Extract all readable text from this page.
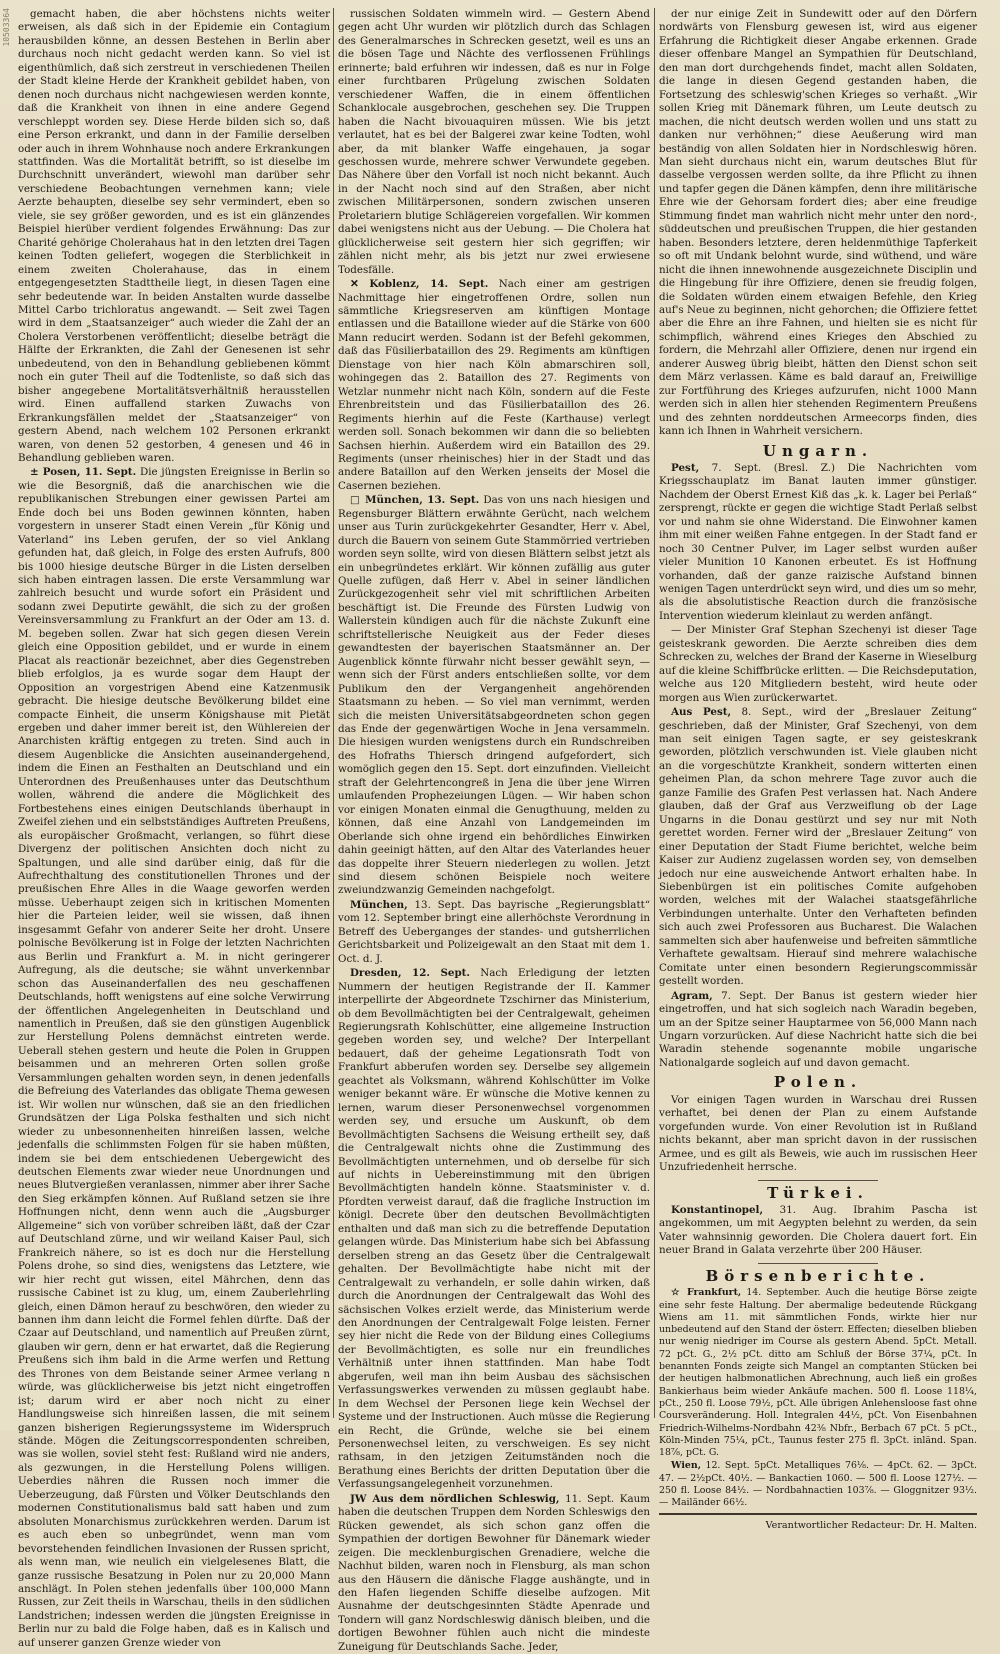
10503364	gemacht haben, die aber höchstens nichts weiter erweisen, als daß sich in der Epidemie ein Contagium herausbilden könne, an dessen Bestehen in Berlin aber durchaus noch nicht gedacht werden kann. So viel ist eigenthümlich, daß sich zerstreut in verschiedenen Theilen der Stadt kleine Herde der Krankheit gebildet haben, von denen noch durchaus nicht nachgewiesen werden konnte, daß die Krankheit von ihnen in eine andere Gegend verschleppt worden sey. Diese Herde bilden sich so, daß eine Person erkrankt, und dann in der Familie derselben oder auch in ihrem Wohnhause noch andere Erkrankungen stattfinden. Was die Mortalität betrifft, so ist dieselbe im Durchschnitt unverändert, wiewohl man darüber sehr verschiedene Beobachtungen vernehmen kann; viele Aerzte behaupten, dieselbe sey sehr vermindert, eben so viele, sie sey größer geworden, und es ist ein glänzendes Beispiel hierüber verdient folgendes Erwähnung: Das zur Charité gehörige Cholerahaus hat in den letzten drei Tagen keinen Todten geliefert, wogegen die Sterblichkeit in einem zweiten Cholerahause, das in einem entgegengesetzten Stadttheile liegt, in diesen Tagen eine sehr bedeutende war. In beiden Anstalten wurde dasselbe Mittel Carbo trichloratus angewandt. — Seit zwei Tagen wird in dem „Staatsanzeiger“ auch wieder die Zahl der an Cholera Verstorbenen veröffentlicht; dieselbe beträgt die Hälfte der Erkrankten, die Zahl der Genesenen ist sehr unbedeutend, von den in Behandlung gebliebenen kömmt noch ein guter Theil auf die Todtenliste, so daß sich das bisher angegebene Mortalitätsverhältniß herausstellen wird. Einen auffallend starken Zuwachs von Erkrankungsfällen meldet der „Staatsanzeiger“ von gestern Abend, nach welchem 102 Personen erkrankt waren, von denen 52 gestorben, 4 genesen und 46 in Behandlung geblieben waren.

± Posen, 11. Sept. Die jüngsten Ereignisse in Berlin so wie die Besorgniß, daß die anarchischen wie die republikanischen Strebungen einer gewissen Partei am Ende doch bei uns Boden gewinnen könnten, haben vorgestern in unserer Stadt einen Verein „für König und Vaterland“ ins Leben gerufen, der so viel Anklang gefunden hat, daß gleich, in Folge des ersten Aufrufs, 800 bis 1000 hiesige deutsche Bürger in die Listen derselben sich haben eintragen lassen. Die erste Versammlung war zahlreich besucht und wurde sofort ein Präsident und sodann zwei Deputirte gewählt, die sich zu der großen Vereinsversammlung zu Frankfurt an der Oder am 13. d. M. begeben sollen. Zwar hat sich gegen diesen Verein gleich eine Opposition gebildet, und er wurde in einem Placat als reactionär bezeichnet, aber dies Gegenstreben blieb erfolglos, ja es wurde sogar dem Haupt der Opposition an vorgestrigen Abend eine Katzenmusik gebracht. Die hiesige deutsche Bevölkerung bildet eine compacte Einheit, die unserm Königshause mit Pietät ergeben und daher immer bereit ist, den Wühlereien der Anarchisten kräftig entgegen zu treten. Sind auch in diesem Augenblicke die Ansichten auseinandergehend, indem die Einen an Festhalten an Deutschland und ein Unterordnen des Preußenhauses unter das Deutschthum wollen, während die andere die Möglichkeit des Fortbestehens eines einigen Deutschlands überhaupt in Zweifel ziehen und ein selbstständiges Auftreten Preußens, als europäischer Großmacht, verlangen, so führt diese Divergenz der politischen Ansichten doch nicht zu Spaltungen, und alle sind darüber einig, daß für die Aufrechthaltung des constitutionellen Thrones und der preußischen Ehre Alles in die Waage geworfen werden müsse. Ueberhaupt zeigen sich in kritischen Momenten hier die Parteien leider, weil sie wissen, daß ihnen insgesammt Gefahr von anderer Seite her droht. Unsere polnische Bevölkerung ist in Folge der letzten Nachrichten aus Berlin und Frankfurt a. M. in nicht geringerer Aufregung, als die deutsche; sie wähnt unverkennbar schon das Auseinanderfallen des neu geschaffenen Deutschlands, hofft wenigstens auf eine solche Verwirrung der öffentlichen Angelegenheiten in Deutschland und namentlich in Preußen, daß sie den günstigen Augenblick zur Herstellung Polens demnächst eintreten werde. Ueberall stehen gestern und heute die Polen in Gruppen beisammen und an mehreren Orten sollen große Versammlungen gehalten worden seyn, in denen jedenfalls die Befreiung des Vaterlandes das obligate Thema gewesen ist. Wir wollen nur wünschen, daß sie an den friedlichen Grundsätzen der Liga Polska festhalten und sich nicht wieder zu unbesonnenheiten hinreißen lassen, welche jedenfalls die schlimmsten Folgen für sie haben müßten, indem sie bei dem entschiedenen Uebergewicht des deutschen Elements zwar wieder neue Unordnungen und neues Blutvergießen veranlassen, nimmer aber ihrer Sache den Sieg erkämpfen können. Auf Rußland setzen sie ihre Hoffnungen nicht, denn wenn auch die „Augsburger Allgemeine“ sich von vorüber schreiben läßt, daß der Czar auf Deutschland zürne, und wir weiland Kaiser Paul, sich Frankreich nähere, so ist es doch nur die Herstellung Polens drohe, so sind dies, wenigstens das Letztere, wie wir hier recht gut wissen, eitel Mährchen, denn das russische Cabinet ist zu klug, um, einem Zauberlehrling gleich, einen Dämon herauf zu beschwören, den wieder zu bannen ihm dann leicht die Formel fehlen dürfte. Daß der Czaar auf Deutschland, und namentlich auf Preußen zürnt, glauben wir gern, denn er hat erwartet, daß die Regierung Preußens sich ihm bald in die Arme werfen und Rettung des Thrones von dem Beistande seiner Armee verlang n würde, was glücklicherweise bis jetzt nicht eingetroffen ist; darum wird er aber noch nicht zu einer Handlungsweise sich hinreißen lassen, die mit seinem ganzen bisherigen Regierungssysteme im Widerspruch stände. Mögen die Zeitungscorrespondenten schreiben, was sie wollen, soviel steht fest: Rußland wird nie anders, als gezwungen, in die Herstellung Polens willigen. Ueberdies nähren die Russen noch immer die Ueberzeugung, daß Fürsten und Völker Deutschlands den modernen Constitutionalismus bald satt haben und zum absoluten Monarchismus zurückkehren werden. Darum ist es auch eben so unbegründet, wenn man vom bevorstehenden feindlichen Invasionen der Russen spricht, als wenn man, wie neulich ein vielgelesenes Blatt, die ganze russische Besatzung in Polen nur zu 20,000 Mann anschlägt. In Polen stehen jedenfalls über 100,000 Mann Russen, zur Zeit theils in Warschau, theils in den südlichen Landstrichen; indessen werden die jüngsten Ereignisse in Berlin nur zu bald die Folge haben, daß es in Kalisch und auf unserer ganzen Grenze wieder von

russischen Soldaten wimmeln wird. — Gestern Abend gegen acht Uhr wurden wir plötzlich durch das Schlagen des Generalmarsches in Schrecken gesetzt, weil es uns an die bösen Tage und Nächte des verflossenen Frühlings erinnerte; bald erfuhren wir indessen, daß es nur in Folge einer furchtbaren Prügelung zwischen Soldaten verschiedener Waffen, die in einem öffentlichen Schanklocale ausgebrochen, geschehen sey. Die Truppen haben die Nacht bivouaquiren müssen. Wie bis jetzt verlautet, hat es bei der Balgerei zwar keine Todten, wohl aber, da mit blanker Waffe eingehauen, ja sogar geschossen wurde, mehrere schwer Verwundete gegeben. Das Nähere über den Vorfall ist noch nicht bekannt. Auch in der Nacht noch sind auf den Straßen, aber nicht zwischen Militärpersonen, sondern zwischen unseren Proletariern blutige Schlägereien vorgefallen. Wir kommen dabei wenigstens nicht aus der Uebung. — Die Cholera hat glücklicherweise seit gestern hier sich gegriffen; wir zählen nicht mehr, als bis jetzt nur zwei erwiesene Todesfälle.

✕ Koblenz, 14. Sept. Nach einer am gestrigen Nachmittage hier eingetroffenen Ordre, sollen nun sämmtliche Kriegsreserven am künftigen Montage entlassen und die Bataillone wieder auf die Stärke von 600 Mann reducirt werden. Sodann ist der Befehl gekommen, daß das Füsilierbataillon des 29. Regiments am künftigen Dienstage von hier nach Köln abmarschiren soll, wohingegen das 2. Bataillon des 27. Regiments von Wetzlar nunmehr nicht nach Köln, sondern auf die Feste Ehrenbreitstein und das Füsilierbataillon des 26. Regiments hierhin auf die Feste (Karthause) verlegt werden soll. Sonach bekommen wir dann die so beliebten Sachsen hierhin. Außerdem wird ein Bataillon des 29. Regiments (unser rheinisches) hier in der Stadt und das andere Bataillon auf den Werken jenseits der Mosel die Casernen beziehen.

□ München, 13. Sept. Das von uns nach hiesigen und Regensburger Blättern erwähnte Gerücht, nach welchem unser aus Turin zurückgekehrter Gesandter, Herr v. Abel, durch die Bauern von seinem Gute Stammörried vertrieben worden seyn sollte, wird von diesen Blättern selbst jetzt als ein unbegründetes erklärt. Wir können zufällig aus guter Quelle zufügen, daß Herr v. Abel in seiner ländlichen Zurückgezogenheit sehr viel mit schriftlichen Arbeiten beschäftigt ist. Die Freunde des Fürsten Ludwig von Wallerstein kündigen auch für die nächste Zukunft eine schriftstellerische Neuigkeit aus der Feder dieses gewandtesten der bayerischen Staatsmänner an. Der Augenblick könnte fürwahr nicht besser gewählt seyn, — wenn sich der Fürst anders entschließen sollte, vor dem Publikum den der Vergangenheit angehörenden Staatsmann zu heben. — So viel man vernimmt, werden sich die meisten Universitätsabgeordneten schon gegen das Ende der gegenwärtigen Woche in Jena versammeln. Die hiesigen wurden wenigstens durch ein Rundschreiben des Hofraths Thiersch dringend aufgefordert, sich womöglich gegen den 15. Sept. dort einzufinden. Vielleicht straft der Gelehrtencongreß in Jena die über jene Wirren umlaufenden Prophezeiungen Lügen. — Wir haben schon vor einigen Monaten einmal die Genugthuung, melden zu können, daß eine Anzahl von Landgemeinden im Oberlande sich ohne irgend ein behördliches Einwirken dahin geeinigt hätten, auf den Altar des Vaterlandes heuer das doppelte ihrer Steuern niederlegen zu wollen. Jetzt sind diesem schönen Beispiele noch weitere zweiundzwanzig Gemeinden nachgefolgt.

München, 13. Sept. Das bayrische „Regierungsblatt“ vom 12. September bringt eine allerhöchste Verordnung in Betreff des Ueberganges der standes- und gutsherrlichen Gerichtsbarkeit und Polizeigewalt an den Staat mit dem 1. Oct. d. J.

Dresden, 12. Sept. Nach Erledigung der letzten Nummern der heutigen Registrande der II. Kammer interpellirte der Abgeordnete Tzschirner das Ministerium, ob dem Bevollmächtigten bei der Centralgewalt, geheimen Regierungsrath Kohlschütter, eine allgemeine Instruction gegeben worden sey, und welche? Der Interpellant bedauert, daß der geheime Legationsrath Todt von Frankfurt abberufen worden sey. Derselbe sey allgemein geachtet als Volksmann, während Kohlschütter im Volke weniger bekannt wäre. Er wünsche die Motive kennen zu lernen, warum dieser Personenwechsel vorgenommen werden sey, und ersuche um Auskunft, ob dem Bevollmächtigten Sachsens die Weisung ertheilt sey, daß die Centralgewalt nichts ohne die Zustimmung des Bevollmächtigten unternehmen, und ob derselbe für sich auf nichts in Uebereinstimmung mit den übrigen Bevollmächtigten handeln könne. Staatsminister v. d. Pfordten verweist darauf, daß die fragliche Instruction im königl. Decrete über den deutschen Bevollmächtigten enthalten und daß man sich zu die betreffende Deputation gelangen würde. Das Ministerium habe sich bei Abfassung derselben streng an das Gesetz über die Centralgewalt gehalten. Der Bevollmächtigte habe nicht mit der Centralgewalt zu verhandeln, er solle dahin wirken, daß durch die Anordnungen der Centralgewalt das Wohl des sächsischen Volkes erzielt werde, das Ministerium werde den Anordnungen der Centralgewalt Folge leisten. Ferner sey hier nicht die Rede von der Bildung eines Collegiums der Bevollmächtigten, es solle nur ein freundliches Verhältniß unter ihnen stattfinden. Man habe Todt abgerufen, weil man ihn beim Ausbau des sächsischen Verfassungswerkes verwenden zu müssen geglaubt habe. In dem Wechsel der Personen liege kein Wechsel der Systeme und der Instructionen. Auch müsse die Regierung ein Recht, die Gründe, welche sie bei einem Personenwechsel leiten, zu verschweigen. Es sey nicht rathsam, in den jetzigen Zeitumständen noch die Berathung eines Berichts der dritten Deputation über die Verfassungsangelegenheit vorzunehmen.

JW Aus dem nördlichen Schleswig, 11. Sept. Kaum haben die deutschen Truppen dem Norden Schleswigs den Rücken gewendet, als sich schon ganz offen die Sympathien der dortigen Bewohner für Dänemark wieder zeigen. Die mecklenburgischen Grenadiere, welche die Nachhut bilden, waren noch in Flensburg, als man schon aus den Häusern die dänische Flagge aushängte, und in den Hafen liegenden Schiffe dieselbe aufzogen. Mit Ausnahme der deutschgesinnten Städte Apenrade und Tondern will ganz Nordschleswig dänisch bleiben, und die dortigen Bewohner fühlen auch nicht die mindeste Zuneigung für Deutschlands Sache. Jeder,

der nur einige Zeit in Sundewitt oder auf den Dörfern nordwärts von Flensburg gewesen ist, wird aus eigener Erfahrung die Richtigkeit dieser Angabe erkennen. Grade dieser offenbare Mangel an Sympathien für Deutschland, den man dort durchgehends findet, macht allen Soldaten, die lange in diesen Gegend gestanden haben, die Fortsetzung des schleswig'schen Krieges so verhaßt. „Wir sollen Krieg mit Dänemark führen, um Leute deutsch zu machen, die nicht deutsch werden wollen und uns statt zu danken nur verhöhnen;“ diese Aeußerung wird man beständig von allen Soldaten hier in Nordschleswig hören. Man sieht durchaus nicht ein, warum deutsches Blut für dasselbe vergossen werden sollte, da ihre Pflicht zu ihnen und tapfer gegen die Dänen kämpfen, denn ihre militärische Ehre wie der Gehorsam fordert dies; aber eine freudige Stimmung findet man wahrlich nicht mehr unter den nord-, süddeutschen und preußischen Truppen, die hier gestanden haben. Besonders letztere, deren heldenmüthige Tapferkeit so oft mit Undank belohnt wurde, sind wüthend, und wäre nicht die ihnen innewohnende ausgezeichnete Disciplin und die Hingebung für ihre Offiziere, denen sie freudig folgen, die Soldaten würden einem etwaigen Befehle, den Krieg auf's Neue zu beginnen, nicht gehorchen; die Offiziere fettet aber die Ehre an ihre Fahnen, und hielten sie es nicht für schimpflich, während eines Krieges den Abschied zu fordern, die Mehrzahl aller Offiziere, denen nur irgend ein anderer Ausweg übrig bleibt, hätten den Dienst schon seit dem März verlassen. Käme es bald darauf an, Freiwillige zur Fortführung des Krieges aufzurufen, nicht 1000 Mann werden sich in allen hier stehenden Regimentern Preußens und des zehnten norddeutschen Armeecorps finden, dies kann ich Ihnen in Wahrheit versichern.

Ungarn.

Pest, 7. Sept. (Bresl. Z.) Die Nachrichten vom Kriegsschauplatz im Banat lauten immer günstiger. Nachdem der Oberst Ernest Kiß das „k. k. Lager bei Perlaß“ zersprengt, rückte er gegen die wichtige Stadt Perlaß selbst vor und nahm sie ohne Widerstand. Die Einwohner kamen ihm mit einer weißen Fahne entgegen. In der Stadt fand er noch 30 Centner Pulver, im Lager selbst wurden außer vieler Munition 10 Kanonen erbeutet. Es ist Hoffnung vorhanden, daß der ganze raizische Aufstand binnen wenigen Tagen unterdrückt seyn wird, und dies um so mehr, als die absolutistische Reaction durch die französische Intervention wiederum kleinlaut zu werden anfängt.

— Der Minister Graf Stephan Szechenyi ist dieser Tage geisteskrank geworden. Die Aerzte schreiben dies dem Schrecken zu, welches der Brand der Kaserne in Wieselburg auf die kleine Schiffbrücke erlitten. — Die Reichsdeputation, welche aus 120 Mitgliedern besteht, wird heute oder morgen aus Wien zurückerwartet.

Aus Pest, 8. Sept., wird der „Breslauer Zeitung“ geschrieben, daß der Minister, Graf Szechenyi, von dem man seit einigen Tagen sagte, er sey geisteskrank geworden, plötzlich verschwunden ist. Viele glauben nicht an die vorgeschützte Krankheit, sondern witterten einen geheimen Plan, da schon mehrere Tage zuvor auch die ganze Familie des Grafen Pest verlassen hat. Nach Andere glauben, daß der Graf aus Verzweiflung ob der Lage Ungarns in die Donau gestürzt und sey nur mit Noth gerettet worden. Ferner wird der „Breslauer Zeitung“ von einer Deputation der Stadt Fiume berichtet, welche beim Kaiser zur Audienz zugelassen worden sey, von demselben jedoch nur eine ausweichende Antwort erhalten habe. In Siebenbürgen ist ein politisches Comite aufgehoben worden, welches mit der Walachei staatsgefährliche Verbindungen unterhalte. Unter den Verhafteten befinden sich auch zwei Professoren aus Bucharest. Die Walachen sammelten sich aber haufenweise und befreiten sämmtliche Verhaftete gewaltsam. Hierauf sind mehrere walachische Comitate unter einen besondern Regierungscommissär gestellt worden.

Agram, 7. Sept. Der Banus ist gestern wieder hier eingetroffen, und hat sich sogleich nach Waradin begeben, um an der Spitze seiner Hauptarmee von 56,000 Mann nach Ungarn vorzurücken. Auf diese Nachricht hatte sich die bei Waradin stehende sogenannte mobile ungarische Nationalgarde sogleich auf und davon gemacht.

Polen.

Vor einigen Tagen wurden in Warschau drei Russen verhaftet, bei denen der Plan zu einem Aufstande vorgefunden wurde. Von einer Revolution ist in Rußland nichts bekannt, aber man spricht davon in der russischen Armee, und es gilt als Beweis, wie auch im russischen Heer Unzufriedenheit herrsche.

Türkei.

Konstantinopel, 31. Aug. Ibrahim Pascha ist angekommen, um mit Aegypten belehnt zu werden, da sein Vater wahnsinnig geworden. Die Cholera dauert fort. Ein neuer Brand in Galata verzehrte über 200 Häuser.

Börsenberichte.

☆ Frankfurt, 14. September. Auch die heutige Börse zeigte eine sehr feste Haltung. Der abermalige bedeutende Rückgang Wiens am 11. mit sämmtlichen Fonds, wirkte hier nur unbedeutend auf den Stand der österr. Effecten; dieselben blieben nur wenig niedriger im Course als gestern Abend. 5pCt. Metall. 72 pCt. G., 2½ pCt. ditto am Schluß der Börse 37¼, pCt. In benannten Fonds zeigte sich Mangel an comptanten Stücken bei der heutigen halbmonatlichen Abrechnung, auch ließ ein großes Bankierhaus beim wieder Ankäufe machen. 500 fl. Loose 118¼, pCt., 250 fl. Loose 79½, pCt. Alle übrigen Anlehensloose fast ohne Coursveränderung. Holl. Integralen 44½, pCt. Von Eisenbahnen Friedrich-Wilhelms-Nordbahn 42⅜ Nbfr., Berbach 67 pCt. 5 pCt., Köln-Minden 75¼, pCt., Taunus fester 275 fl. 3pCt. inländ. Span. 18⅞, pCt. G.

Wien, 12. Sept. 5pCt. Metalliques 76⅛. — 4pCt. 62. — 3pCt. 47. — 2½pCt. 40½. — Bankactien 1060. — 500 fl. Loose 127½. — 250 fl. Loose 84½. — Nordbahnactien 103⅞. — Gloggnitzer 93½. — Mailänder 66½.

Verantwortlicher Redacteur: Dr. H. Malten.
